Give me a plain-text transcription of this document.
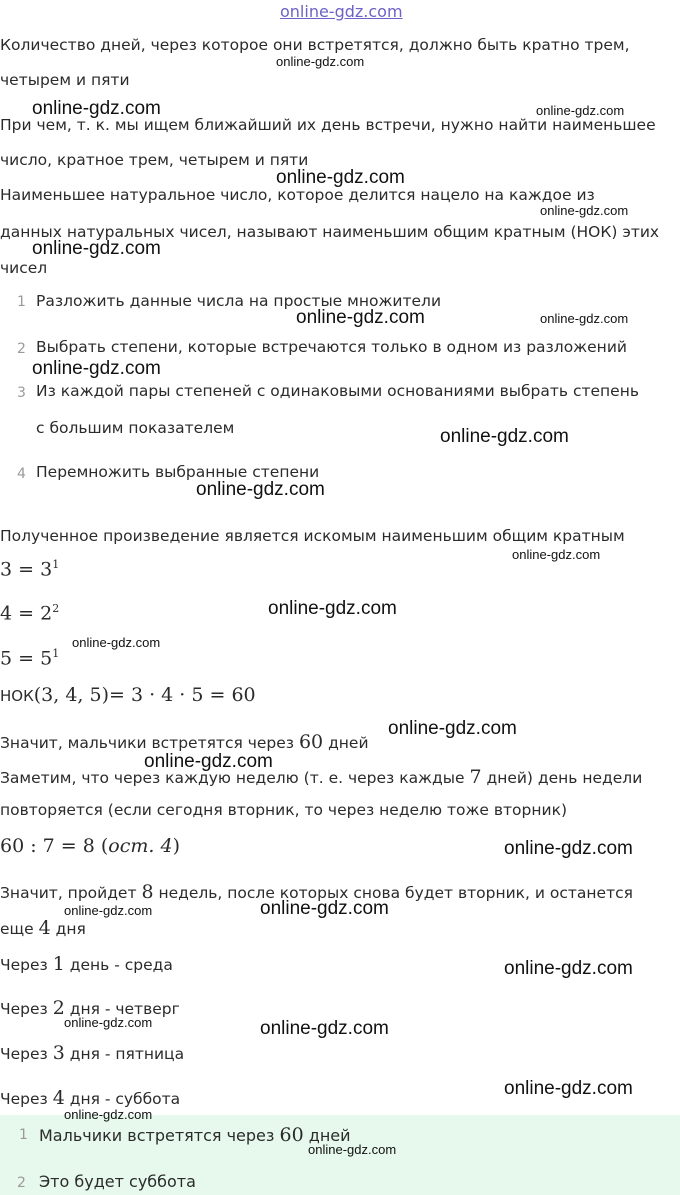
online-gdz.com
Количество дней, через которое они встретятся, должно быть кратно трем,
четырем и пяти
При чем, т. к. мы ищем ближайший их день встречи, нужно найти наименьшее
число, кратное трем, четырем и пяти
Наименьшее натуральное число, которое делится нацело на каждое из
данных натуральных чисел, называют наименьшим общим кратным (НОК) этих
чисел
1 Разложить данные числа на простые множители
2 Выбрать степени, которые встречаются только в одном из разложений
3 Из каждой пары степеней с одинаковыми основаниями выбрать степень
с большим показателем
4 Перемножить выбранные степени
Полученное произведение является искомым наименьшим общим кратным
$3 = 3^1$
$4 = 2^2$
$5 = 5^1$
НОК(3, 4, 5)= 3 · 4 · 5 = 60
Значит, мальчики встретятся через 60 дней
Заметим, что через каждую неделю (т. е. через каждые 7 дней) день недели
повторяется (если сегодня вторник, то через неделю тоже вторник)
60 : 7 = 8 (ост. 4)
Значит, пройдет 8 недель, после которых снова будет вторник, и останется
еще 4 дня
Через 1 день - среда
Через 2 дня - четверг
Через 3 дня - пятница
Через 4 дня - суббота
1 Мальчики встретятся через 60 дней
2 Это будет суббота
online-gdz.com
online-gdz.com	online-gdz.com
online-gdz.com
online-gdz.com
online-gdz.com
online-gdz.com	online-gdz.com
online-gdz.com
online-gdz.com
online-gdz.com
online-gdz.com
online-gdz.com
online-gdz.com
online-gdz.com
online-gdz.com
online-gdz.com
online-gdz.com	online-gdz.com
online-gdz.com
online-gdz.com	online-gdz.com
online-gdz.com
online-gdz.com
online-gdz.com
